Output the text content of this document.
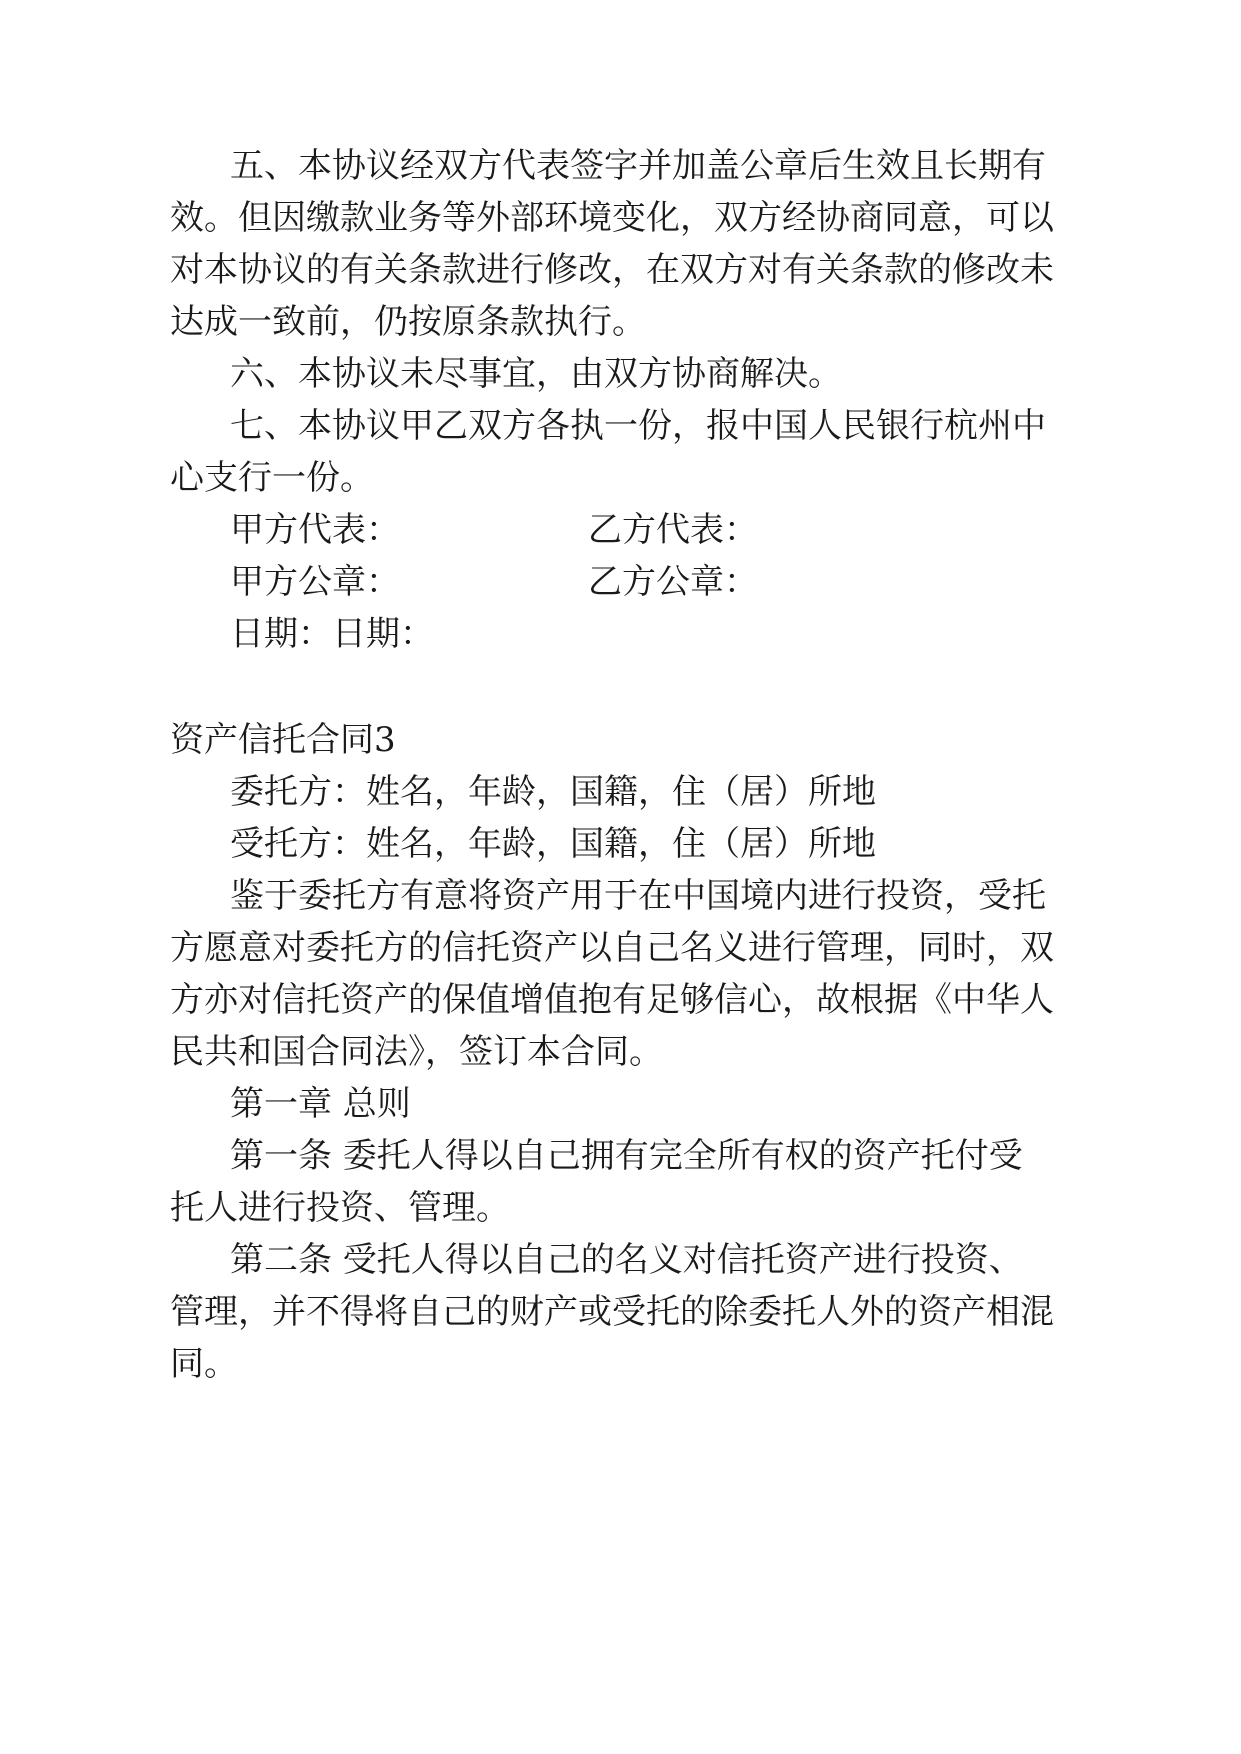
五、本协议经双方代表签字并加盖公章后生效且长期有
效。但因缴款业务等外部环境变化，双方经协商同意，可以
对本协议的有关条款进行修改，在双方对有关条款的修改未
达成一致前，仍按原条款执行。
六、本协议未尽事宜，由双方协商解决。
七、本协议甲乙双方各执一份，报中国人民银行杭州中
心支行一份。
甲方代表：	乙方代表：
甲方公章：	乙方公章：
日期：日期：
资产信托合同3
委托方：姓名，年龄，国籍，住（居）所地
受托方：姓名，年龄，国籍，住（居）所地
鉴于委托方有意将资产用于在中国境内进行投资，受托
方愿意对委托方的信托资产以自己名义进行管理，同时，双
方亦对信托资产的保值增值抱有足够信心，故根据《中华人
民共和国合同法》，签订本合同。
第一章 总则
第一条 委托人得以自己拥有完全所有权的资产托付受
托人进行投资、管理。
第二条 受托人得以自己的名义对信托资产进行投资、
管理，并不得将自己的财产或受托的除委托人外的资产相混
同。
